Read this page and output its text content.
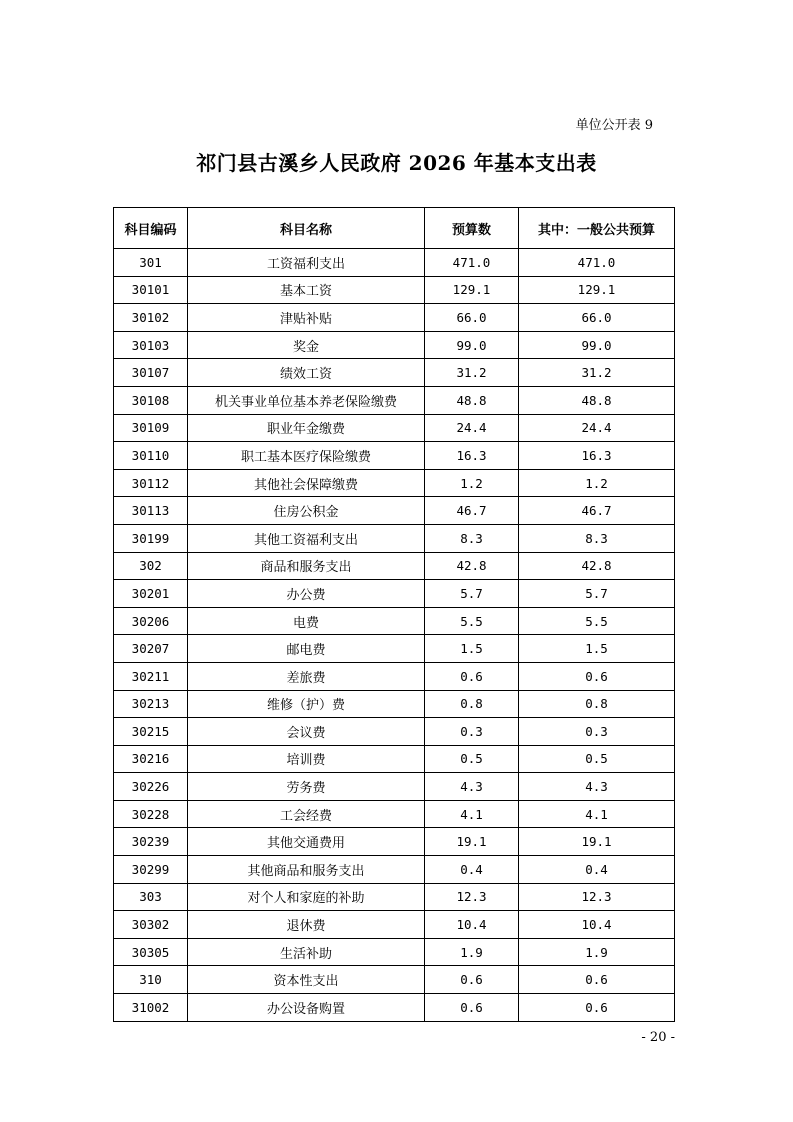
单位公开表 9
祁门县古溪乡人民政府 2026 年基本支出表
科目编码	科目名称	预算数	其中：一般公共预算
301	工资福利支出	471.0	471.0
30101	基本工资	129.1	129.1
30102	津贴补贴	66.0	66.0
30103	奖金	99.0	99.0
30107	绩效工资	31.2	31.2
30108	机关事业单位基本养老保险缴费	48.8	48.8
30109	职业年金缴费	24.4	24.4
30110	职工基本医疗保险缴费	16.3	16.3
30112	其他社会保障缴费	1.2	1.2
30113	住房公积金	46.7	46.7
30199	其他工资福利支出	8.3	8.3
302	商品和服务支出	42.8	42.8
30201	办公费	5.7	5.7
30206	电费	5.5	5.5
30207	邮电费	1.5	1.5
30211	差旅费	0.6	0.6
30213	维修（护）费	0.8	0.8
30215	会议费	0.3	0.3
30216	培训费	0.5	0.5
30226	劳务费	4.3	4.3
30228	工会经费	4.1	4.1
30239	其他交通费用	19.1	19.1
30299	其他商品和服务支出	0.4	0.4
303	对个人和家庭的补助	12.3	12.3
30302	退休费	10.4	10.4
30305	生活补助	1.9	1.9
310	资本性支出	0.6	0.6
31002	办公设备购置	0.6	0.6
- 20 -
